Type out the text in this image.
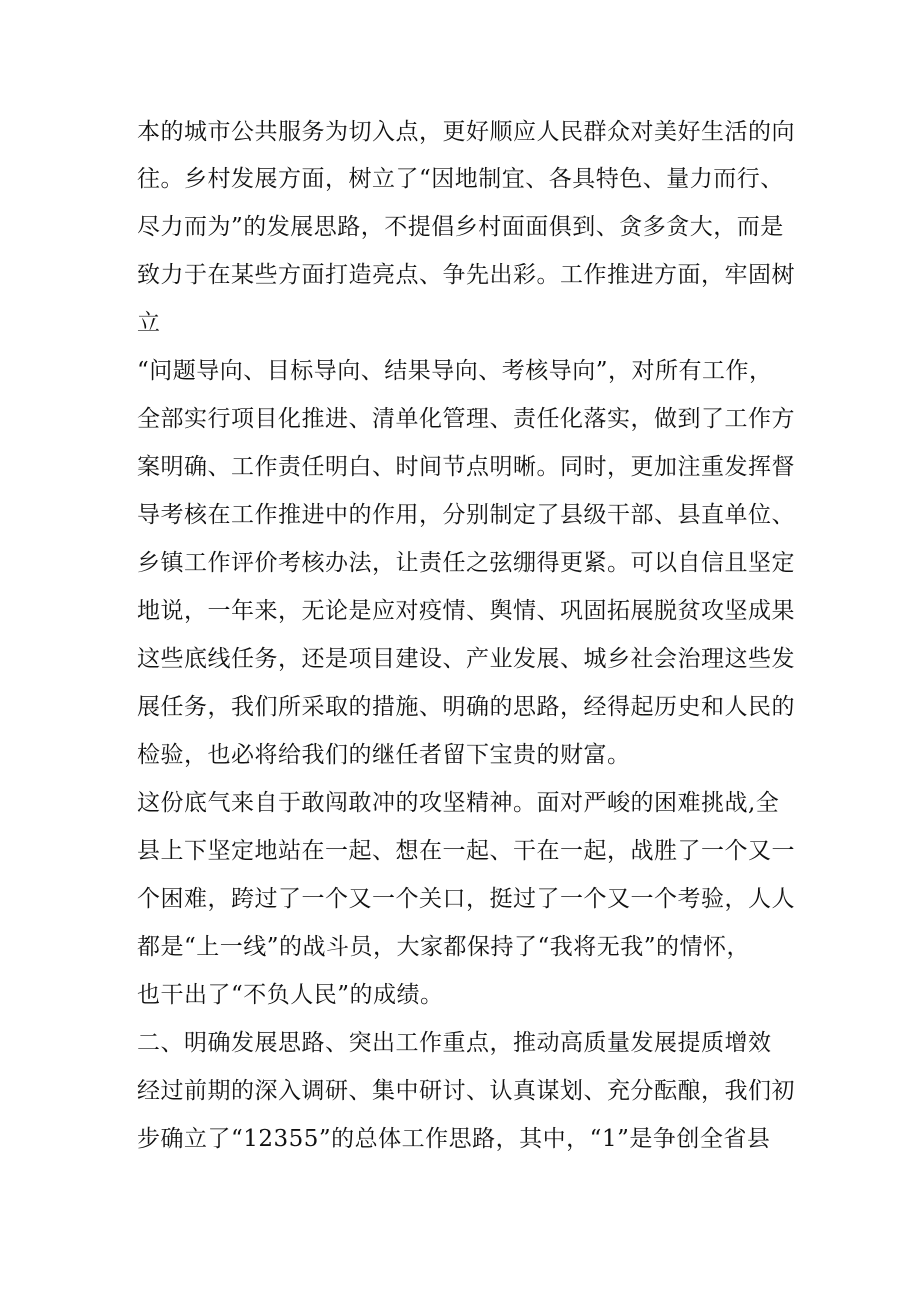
本的城市公共服务为切入点，更好顺应人民群众对美好生活的向
往。乡村发展方面，树立了“因地制宜、各具特色、量力而行、
尽力而为”的发展思路，不提倡乡村面面俱到、贪多贪大，而是
致力于在某些方面打造亮点、争先出彩。工作推进方面，牢固树
立
“问题导向、目标导向、结果导向、考核导向”，对所有工作，
全部实行项目化推进、清单化管理、责任化落实，做到了工作方
案明确、工作责任明白、时间节点明晰。同时，更加注重发挥督
导考核在工作推进中的作用，分别制定了县级干部、县直单位、
乡镇工作评价考核办法，让责任之弦绷得更紧。可以自信且坚定
地说，一年来，无论是应对疫情、舆情、巩固拓展脱贫攻坚成果
这些底线任务，还是项目建设、产业发展、城乡社会治理这些发
展任务，我们所采取的措施、明确的思路，经得起历史和人民的
检验，也必将给我们的继任者留下宝贵的财富。
这份底气来自于敢闯敢冲的攻坚精神。面对严峻的困难挑战,全
县上下坚定地站在一起、想在一起、干在一起，战胜了一个又一
个困难，跨过了一个又一个关口，挺过了一个又一个考验，人人
都是“上一线”的战斗员，大家都保持了“我将无我”的情怀，
也干出了“不负人民”的成绩。
二、明确发展思路、突出工作重点，推动高质量发展提质增效
经过前期的深入调研、集中研讨、认真谋划、充分酝酿，我们初
步确立了“12355”的总体工作思路，其中，“1”是争创全省县
